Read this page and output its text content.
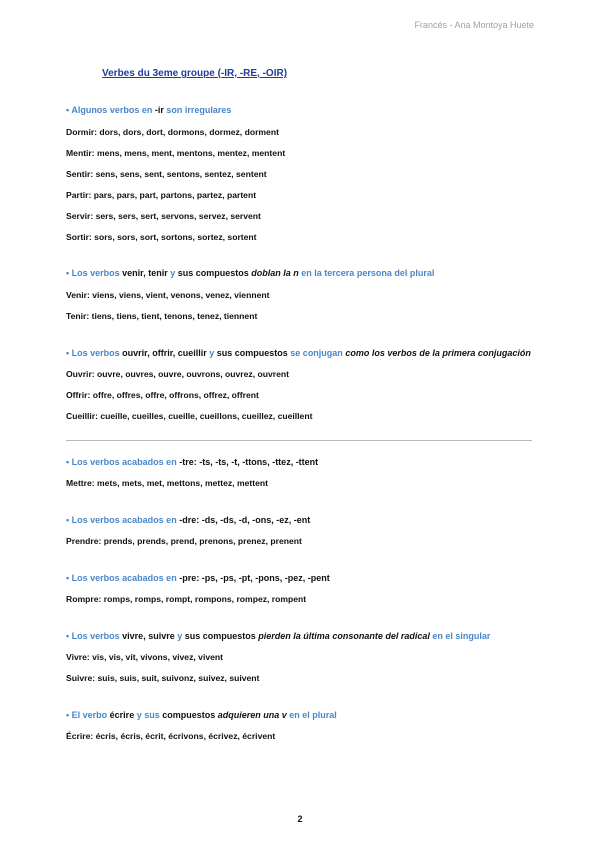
Francés - Ana Montoya Huete
Verbes du 3eme groupe (-IR, -RE, -OIR)
• Algunos verbos en -ir son irregulares
Dormir: dors, dors, dort, dormons, dormez, dorment
Mentir: mens, mens, ment, mentons, mentez, mentent
Sentir: sens, sens, sent, sentons, sentez, sentent
Partir: pars, pars, part, partons, partez, partent
Servir: sers, sers, sert, servons, servez, servent
Sortir: sors, sors, sort, sortons, sortez, sortent
• Los verbos venir, tenir y sus compuestos doblan la n en la tercera persona del plural
Venir: viens, viens, vient, venons, venez, viennent
Tenir: tiens, tiens, tient, tenons, tenez, tiennent
• Los verbos ouvrir, offrir, cueillir y sus compuestos se conjugan como los verbos de la primera conjugación
Ouvrir: ouvre, ouvres, ouvre, ouvrons, ouvrez, ouvrent
Offrir: offre, offres, offre, offrons, offrez, offrent
Cueillir: cueille, cueilles, cueille, cueillons, cueillez, cueillent
• Los verbos acabados en -tre: -ts, -ts, -t, -ttons, -ttez, -ttent
Mettre: mets, mets, met, mettons, mettez, mettent
• Los verbos acabados en -dre: -ds, -ds, -d, -ons, -ez, -ent
Prendre: prends, prends, prend, prenons, prenez, prenent
• Los verbos acabados en -pre: -ps, -ps, -pt, -pons, -pez, -pent
Rompre: romps, romps, rompt, rompons, rompez, rompent
• Los verbos vivre, suivre y sus compuestos pierden la última consonante del radical en el singular
Vivre: vis, vis, vit, vivons, vivez, vivent
Suivre: suis, suis, suit, suivonz, suivez, suivent
• El verbo écrire y sus compuestos adquieren una v en el plural
Écrire: écris, écris, écrit, écrivons, écrivez, écrivent
2
